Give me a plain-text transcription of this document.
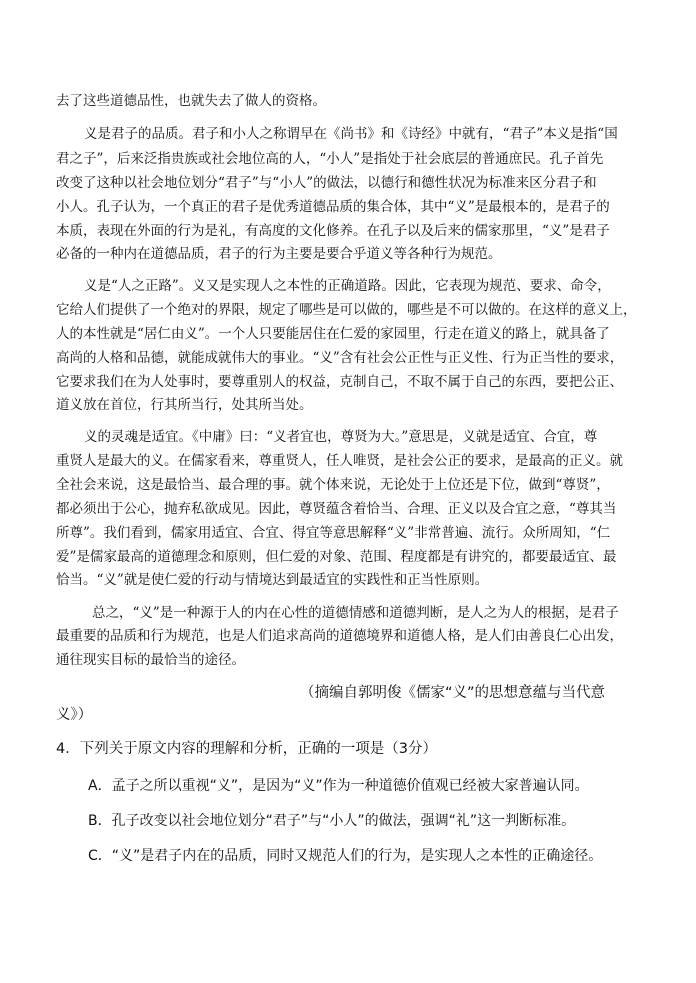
去了这些道德品性，也就失去了做人的资格。
义是君子的品质。君子和小人之称谓早在《尚书》和《诗经》中就有，“君子”本义是指“国
君之子”，后来泛指贵族或社会地位高的人，“小人”是指处于社会底层的普通庶民。孔子首先
改变了这种以社会地位划分“君子”与“小人”的做法，以德行和德性状况为标准来区分君子和
小人。孔子认为，一个真正的君子是优秀道德品质的集合体，其中“义”是最根本的，是君子的
本质，表现在外面的行为是礼，有高度的文化修养。在孔子以及后来的儒家那里，“义”是君子
必备的一种内在道德品质，君子的行为主要是要合乎道义等各种行为规范。
义是“人之正路”。义又是实现人之本性的正确道路。因此，它表现为规范、要求、命令，
它给人们提供了一个绝对的界限，规定了哪些是可以做的，哪些是不可以做的。在这样的意义上，
人的本性就是“居仁由义”。一个人只要能居住在仁爱的家园里，行走在道义的路上，就具备了
高尚的人格和品德，就能成就伟大的事业。“义”含有社会公正性与正义性、行为正当性的要求，
它要求我们在为人处事时，要尊重别人的权益，克制自己，不取不属于自己的东西，要把公正、
道义放在首位，行其所当行，处其所当处。
义的灵魂是适宜。《中庸》曰：“义者宜也，尊贤为大。”意思是，义就是适宜、合宜，尊
重贤人是最大的义。在儒家看来，尊重贤人，任人唯贤，是社会公正的要求，是最高的正义。就
全社会来说，这是最恰当、最合理的事。就个体来说，无论处于上位还是下位，做到“尊贤”，
都必须出于公心，抛弃私欲成见。因此，尊贤蕴含着恰当、合理、正义以及合宜之意，“尊其当
所尊”。我们看到，儒家用适宜、合宜、得宜等意思解释“义”非常普遍、流行。众所周知，“仁
爱”是儒家最高的道德理念和原则，但仁爱的对象、范围、程度都是有讲究的，都要最适宜、最
恰当。“义”就是使仁爱的行动与情境达到最适宜的实践性和正当性原则。
总之，“义”是一种源于人的内在心性的道德情感和道德判断，是人之为人的根据，是君子
最重要的品质和行为规范，也是人们追求高尚的道德境界和道德人格，是人们由善良仁心出发，
通往现实目标的最恰当的途径。
（摘编自郭明俊《儒家“义”的思想意蕴与当代意
义》）
4．下列关于原文内容的理解和分析，正确的一项是（3分）
A．孟子之所以重视“义”，是因为“义”作为一种道德价值观已经被大家普遍认同。
B．孔子改变以社会地位划分“君子”与“小人”的做法，强调“礼”这一判断标准。
C．“义”是君子内在的品质，同时又规范人们的行为，是实现人之本性的正确途径。
